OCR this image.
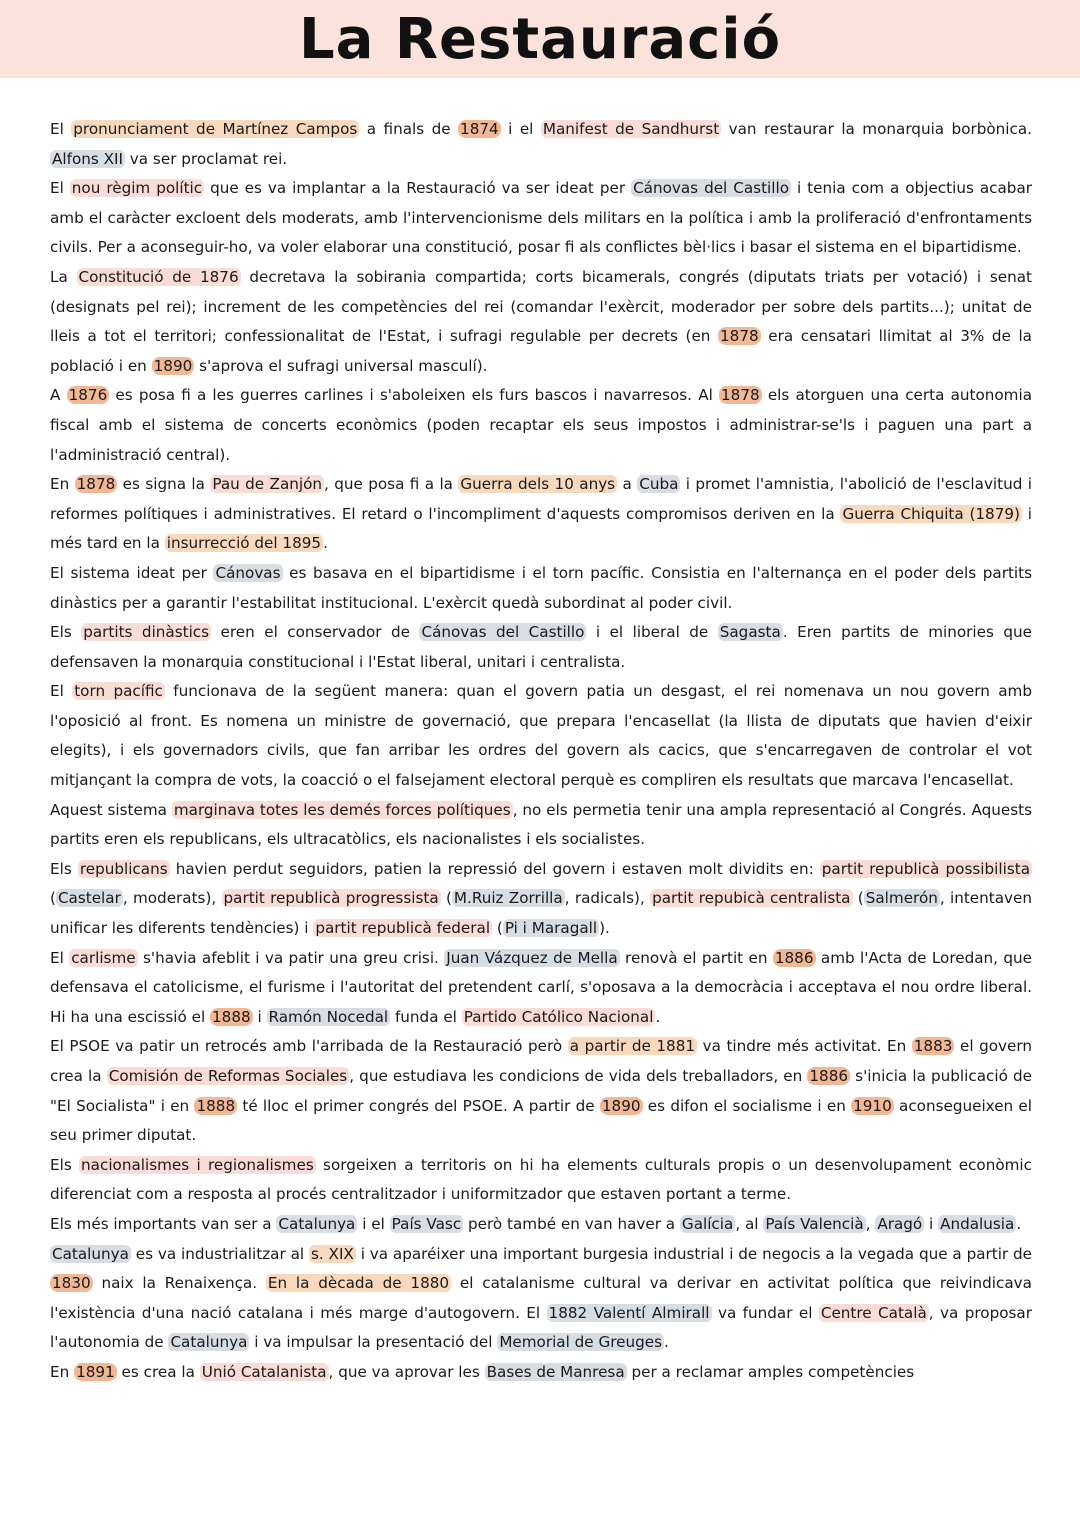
La Restauració

El pronunciament de Martínez Campos a finals de 1874 i el Manifest de Sandhurst van restaurar la monarquia borbònica. Alfons XII va ser proclamat rei.

El nou règim polític que es va implantar a la Restauració va ser ideat per Cánovas del Castillo i tenia com a objectius acabar amb el caràcter excloent dels moderats, amb l'intervencionisme dels militars en la política i amb la proliferació d'enfrontaments civils. Per a aconseguir-ho, va voler elaborar una constitució, posar fi als conflictes bèl·lics i basar el sistema en el bipartidisme.

La Constitució de 1876 decretava la sobirania compartida; corts bicamerals, congrés (diputats triats per votació) i senat (designats pel rei); increment de les competències del rei (comandar l'exèrcit, moderador per sobre dels partits...); unitat de lleis a tot el territori; confessionalitat de l'Estat, i sufragi regulable per decrets (en 1878 era censatari llimitat al 3% de la població i en 1890 s'aprova el sufragi universal masculí).

A 1876 es posa fi a les guerres carlines i s'aboleixen els furs bascos i navarresos. Al 1878 els atorguen una certa autonomia fiscal amb el sistema de concerts econòmics (poden recaptar els seus impostos i administrar-se'ls i paguen una part a l'administració central).

En 1878 es signa la Pau de Zanjón , que posa fi a la Guerra dels 10 anys a Cuba i promet l'amnistia, l'abolició de l'esclavitud i reformes polítiques i administratives. El retard o l'incompliment d'aquests compromisos deriven en la Guerra Chiquita (1879) i més tard en la insurrecció del 1895 .

El sistema ideat per Cánovas es basava en el bipartidisme i el torn pacífic. Consistia en l'alternança en el poder dels partits dinàstics per a garantir l'estabilitat institucional. L'exèrcit quedà subordinat al poder civil.

Els partits dinàstics eren el conservador de Cánovas del Castillo i el liberal de Sagasta . Eren partits de minories que defensaven la monarquia constitucional i l'Estat liberal, unitari i centralista.

El torn pacífic funcionava de la següent manera: quan el govern patia un desgast, el rei nomenava un nou govern amb l'oposició al front. Es nomena un ministre de governació, que prepara l'encasellat (la llista de diputats que havien d'eixir elegits), i els governadors civils, que fan arribar les ordres del govern als cacics, que s'encarregaven de controlar el vot mitjançant la compra de vots, la coacció o el falsejament electoral perquè es compliren els resultats que marcava l'encasellat.

Aquest sistema marginava totes les demés forces polítiques , no els permetia tenir una ampla representació al Congrés. Aquests partits eren els republicans, els ultracatòlics, els nacionalistes i els socialistes.

Els republicans havien perdut seguidors, patien la repressió del govern i estaven molt dividits en: partit republicà possibilista ( Castelar , moderats), partit republicà progressista ( M.Ruiz Zorrilla , radicals), partit repubicà centralista ( Salmerón , intentaven unificar les diferents tendències) i partit republicà federal ( Pi i Maragall ).

El carlisme s'havia afeblit i va patir una greu crisi. Juan Vázquez de Mella renovà el partit en 1886 amb l'Acta de Loredan, que defensava el catolicisme, el furisme i l'autoritat del pretendent carlí, s'oposava a la democràcia i acceptava el nou ordre liberal. Hi ha una escissió el 1888 i Ramón Nocedal funda el Partido Católico Nacional .

El PSOE va patir un retrocés amb l'arribada de la Restauració però a partir de 1881 va tindre més activitat. En 1883 el govern crea la Comisión de Reformas Sociales , que estudiava les condicions de vida dels treballadors, en 1886 s'inicia la publicació de "El Socialista" i en 1888 té lloc el primer congrés del PSOE. A partir de 1890 es difon el socialisme i en 1910 aconsegueixen el seu primer diputat.

Els nacionalismes i regionalismes sorgeixen a territoris on hi ha elements culturals propis o un desenvolupament econòmic diferenciat com a resposta al procés centralitzador i uniformitzador que estaven portant a terme.

Els més importants van ser a Catalunya i el País Vasc però també en van haver a Galícia , al País Valencià , Aragó i Andalusia .

Catalunya es va industrialitzar al s. XIX i va aparéixer una important burgesia industrial i de negocis a la vegada que a partir de 1830 naix la Renaixença. En la dècada de 1880 el catalanisme cultural va derivar en activitat política que reivindicava l'existència d'una nació catalana i més marge d'autogovern. El 1882 Valentí Almirall va fundar el Centre Català , va proposar l'autonomia de Catalunya i va impulsar la presentació del Memorial de Greuges .

En 1891 es crea la Unió Catalanista , que va aprovar les Bases de Manresa per a reclamar amples competències
